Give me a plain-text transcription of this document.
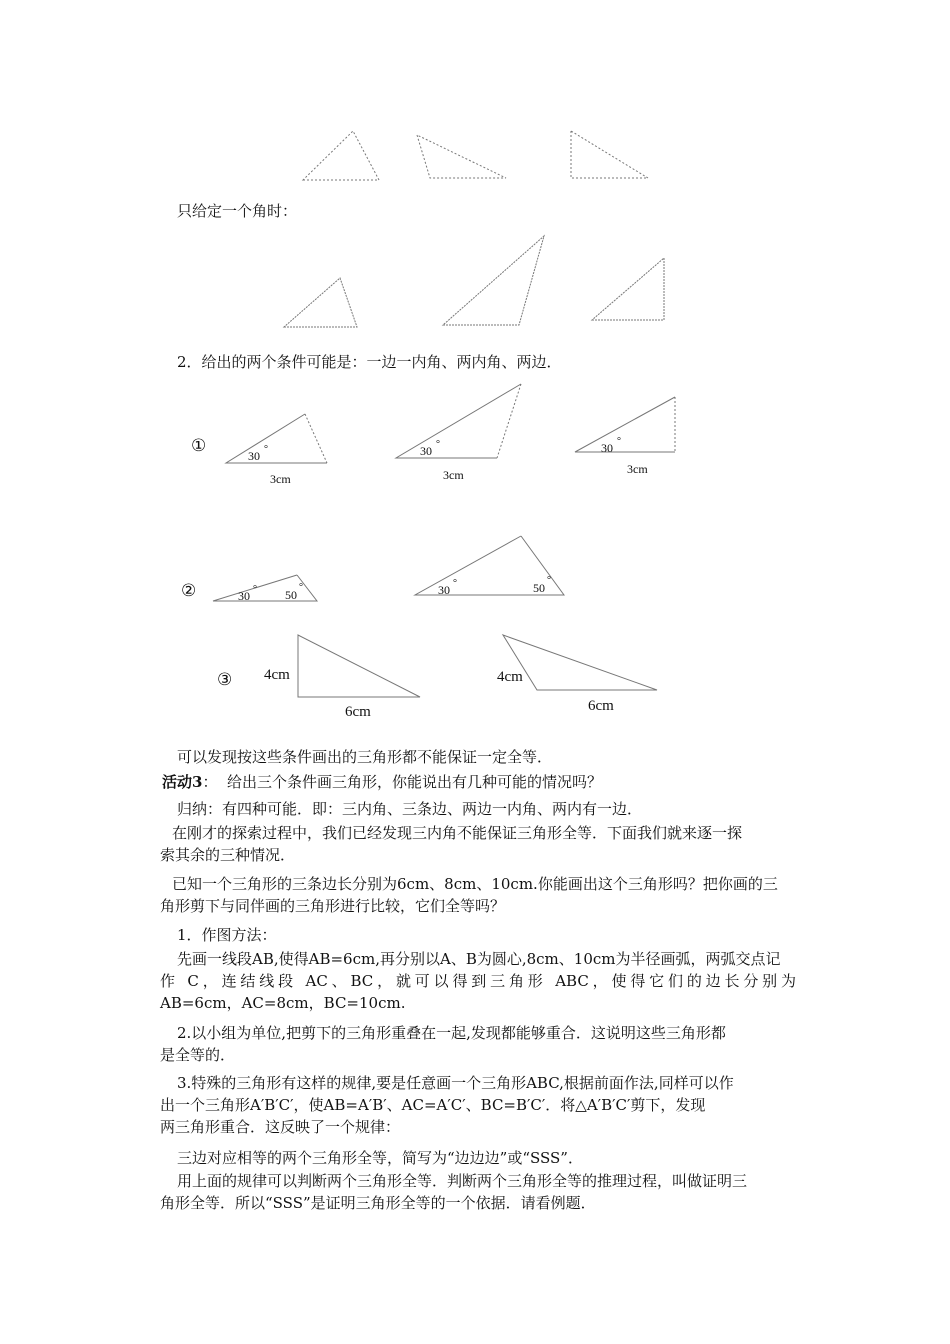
只给定一个角时：
2．给出的两个条件可能是：一边一内角、两内角、两边．
①
②
③
30 °
3cm
30 °
3cm
30 °
3cm
30 ° 50
°	30 °	50
°
4cm
6cm
4cm
6cm
可以发现按这些条件画出的三角形都不能保证一定全等．
活动3： 给出三个条件画三角形，你能说出有几种可能的情况吗？
归纳：有四种可能．即：三内角、三条边、两边一内角、两内有一边．
在刚才的探索过程中，我们已经发现三内角不能保证三角形全等．下面我们就来逐一探
索其余的三种情况．
已知一个三角形的三条边长分别为6cm、8cm、10cm.你能画出这个三角形吗？把你画的三
角形剪下与同伴画的三角形进行比较，它们全等吗？
1．作图方法：
先画一线段AB,使得AB=6cm,再分别以A、B为圆心,8cm、10cm为半径画弧，两弧交点记

作 C，连结线段 AC、BC，就可以得到三角形 ABC，使得它们的边长分别为
AB=6cm，AC=8cm，BC=10cm.
2.以小组为单位,把剪下的三角形重叠在一起,发现都能够重合．这说明这些三角形都
是全等的．
3.特殊的三角形有这样的规律,要是任意画一个三角形ABC,根据前面作法,同样可以作
出一个三角形A′B′C′，使AB=A′B′、AC=A′C′、BC=B′C′．将△A′B′C′剪下，发现
两三角形重合．这反映了一个规律：
三边对应相等的两个三角形全等，简写为“边边边”或“SSS”．
用上面的规律可以判断两个三角形全等．判断两个三角形全等的推理过程，叫做证明三
角形全等．所以“SSS”是证明三角形全等的一个依据．请看例题．
